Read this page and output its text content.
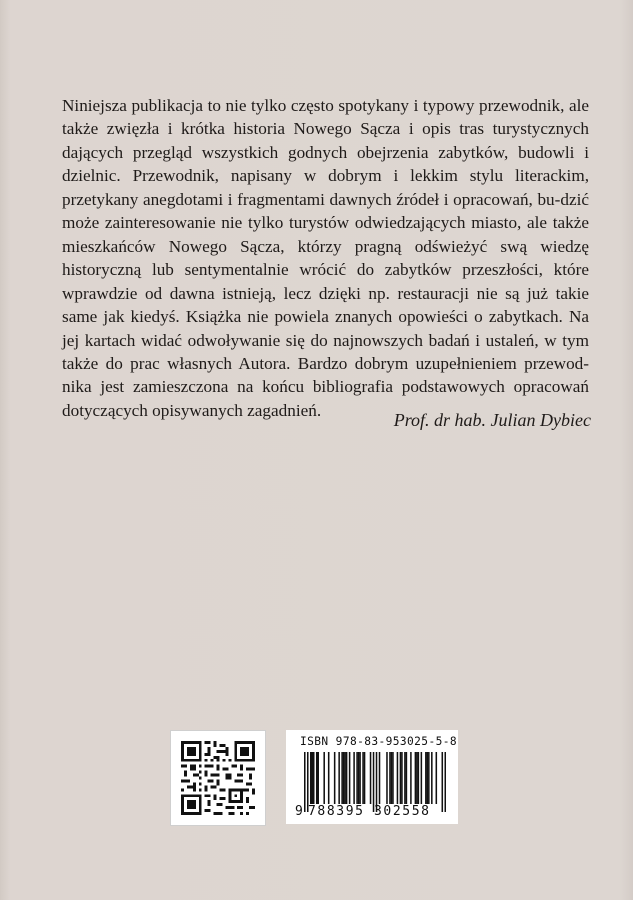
Niniejsza publikacja to nie tylko często spotykany i typowy przewodnik, ale także zwięzła i krótka historia Nowego Sącza i opis tras turystycznych dających przegląd wszystkich godnych obejrzenia zabytków, budowli i dzielnic. Przewodnik, napisany w dobrym i lekkim stylu literackim, przetykany anegdotami i fragmentami dawnych źródeł i opracowań, bu-dzić może zainteresowanie nie tylko turystów odwiedzających miasto, ale także mieszkańców Nowego Sącza, którzy pragną odświeżyć swą wiedzę historyczną lub sentymentalnie wrócić do zabytków przeszłości, które wprawdzie od dawna istnieją, lecz dzięki np. restauracji nie są już takie same jak kiedyś. Książka nie powiela znanych opowieści o zabytkach. Na jej kartach widać odwoływanie się do najnowszych badań i ustaleń, w tym także do prac własnych Autora. Bardzo dobrym uzupełnieniem przewod-nika jest zamieszczona na końcu bibliografia podstawowych opracowań dotyczących opisywanych zagadnień.	Prof. dr hab. Julian Dybiec

ISBN 978-83-953025-5-8
9 788395 302558
